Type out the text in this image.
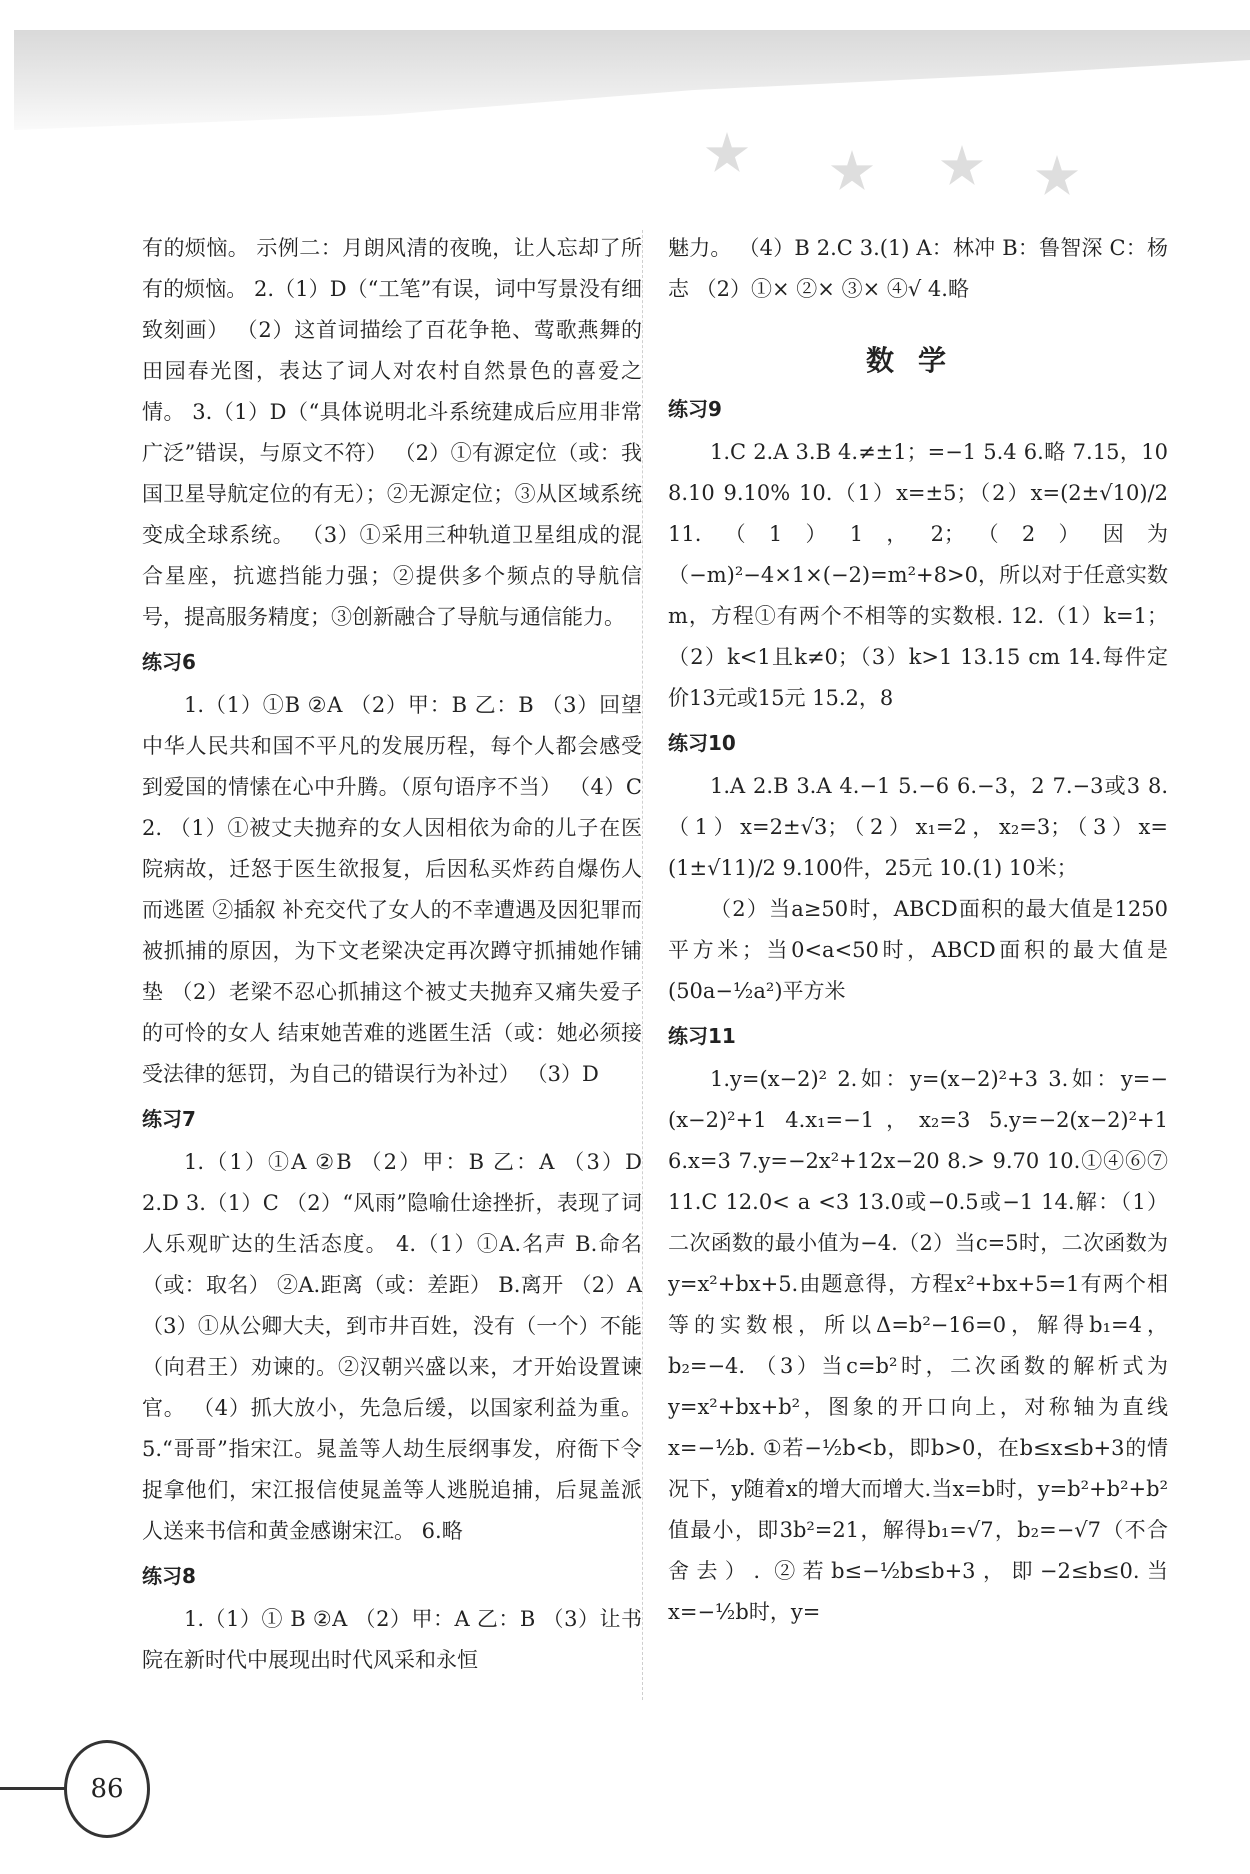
有的烦恼。 示例二：月朗风清的夜晚，让人忘却了所有的烦恼。 2.（1）D（“工笔”有误，词中写景没有细致刻画） （2）这首词描绘了百花争艳、莺歌燕舞的田园春光图，表达了词人对农村自然景色的喜爱之情。 3.（1）D（“具体说明北斗系统建成后应用非常广泛”错误，与原文不符） （2）①有源定位（或：我国卫星导航定位的有无）；②无源定位；③从区域系统变成全球系统。 （3）①采用三种轨道卫星组成的混合星座，抗遮挡能力强；②提供多个频点的导航信号，提高服务精度；③创新融合了导航与通信能力。

练习6

1.（1）①B ②A （2）甲：B 乙：B （3）回望中华人民共和国不平凡的发展历程，每个人都会感受到爱国的情愫在心中升腾。（原句语序不当） （4）C 2. （1）①被丈夫抛弃的女人因相依为命的儿子在医院病故，迁怒于医生欲报复，后因私买炸药自爆伤人而逃匿 ②插叙 补充交代了女人的不幸遭遇及因犯罪而被抓捕的原因，为下文老梁决定再次蹲守抓捕她作铺垫 （2）老梁不忍心抓捕这个被丈夫抛弃又痛失爱子的可怜的女人 结束她苦难的逃匿生活（或：她必须接受法律的惩罚，为自己的错误行为补过） （3）D

练习7

1.（1）①A ②B （2）甲：B 乙：A （3）D 2.D 3.（1）C （2）“风雨”隐喻仕途挫折，表现了词人乐观旷达的生活态度。 4.（1）①A.名声 B.命名（或：取名） ②A.距离（或：差距） B.离开 （2）A （3）①从公卿大夫，到市井百姓，没有（一个）不能（向君王）劝谏的。②汉朝兴盛以来，才开始设置谏官。 （4）抓大放小，先急后缓，以国家利益为重。 5.“哥哥”指宋江。晁盖等人劫生辰纲事发，府衙下令捉拿他们，宋江报信使晁盖等人逃脱追捕，后晁盖派人送来书信和黄金感谢宋江。 6.略

练习8

1.（1）① B ②A （2）甲：A 乙：B （3）让书院在新时代中展现出时代风采和永恒

魅力。 （4）B 2.C 3.(1) A：林冲 B：鲁智深 C：杨志 （2）①× ②× ③× ④√ 4.略

数学
练习9

1.C 2.A 3.B 4.≠±1；=−1 5.4 6.略 7.15，10 8.10 9.10% 10.（1）x=±5；（2）x=(2±√10)/2 11.（1）1，2；（2）因为（−m)²−4×1×(−2)=m²+8>0，所以对于任意实数m，方程①有两个不相等的实数根. 12.（1）k=1；（2）k<1且k≠0；（3）k>1 13.15 cm 14.每件定价13元或15元 15.2，8

练习10

1.A 2.B 3.A 4.−1 5.−6 6.−3，2 7.−3或3 8.（1）x=2±√3；（2）x₁=2，x₂=3；（3）x=(1±√11)/2 9.100件，25元 10.(1) 10米；

（2）当a≥50时，ABCD面积的最大值是1250平方米；当0<a<50时，ABCD面积的最大值是(50a−½a²)平方米

练习11

1.y=(x−2)² 2.如：y=(x−2)²+3 3.如：y=−(x−2)²+1 4.x₁=−1，x₂=3 5.y=−2(x−2)²+1 6.x=3 7.y=−2x²+12x−20 8.> 9.70 10.①④⑥⑦ 11.C 12.0< a <3 13.0或−0.5或−1 14.解：（1）二次函数的最小值为−4.（2）当c=5时，二次函数为y=x²+bx+5.由题意得，方程x²+bx+5=1有两个相等的实数根，所以Δ=b²−16=0，解得b₁=4，b₂=−4. （3）当c=b²时，二次函数的解析式为y=x²+bx+b²，图象的开口向上，对称轴为直线x=−½b. ①若−½b<b，即b>0，在b≤x≤b+3的情况下，y随着x的增大而增大.当x=b时，y=b²+b²+b²值最小，即3b²=21，解得b₁=√7，b₂=−√7（不合舍去）. ②若b≤−½b≤b+3，即−2≤b≤0.当x=−½b时，y=

86
